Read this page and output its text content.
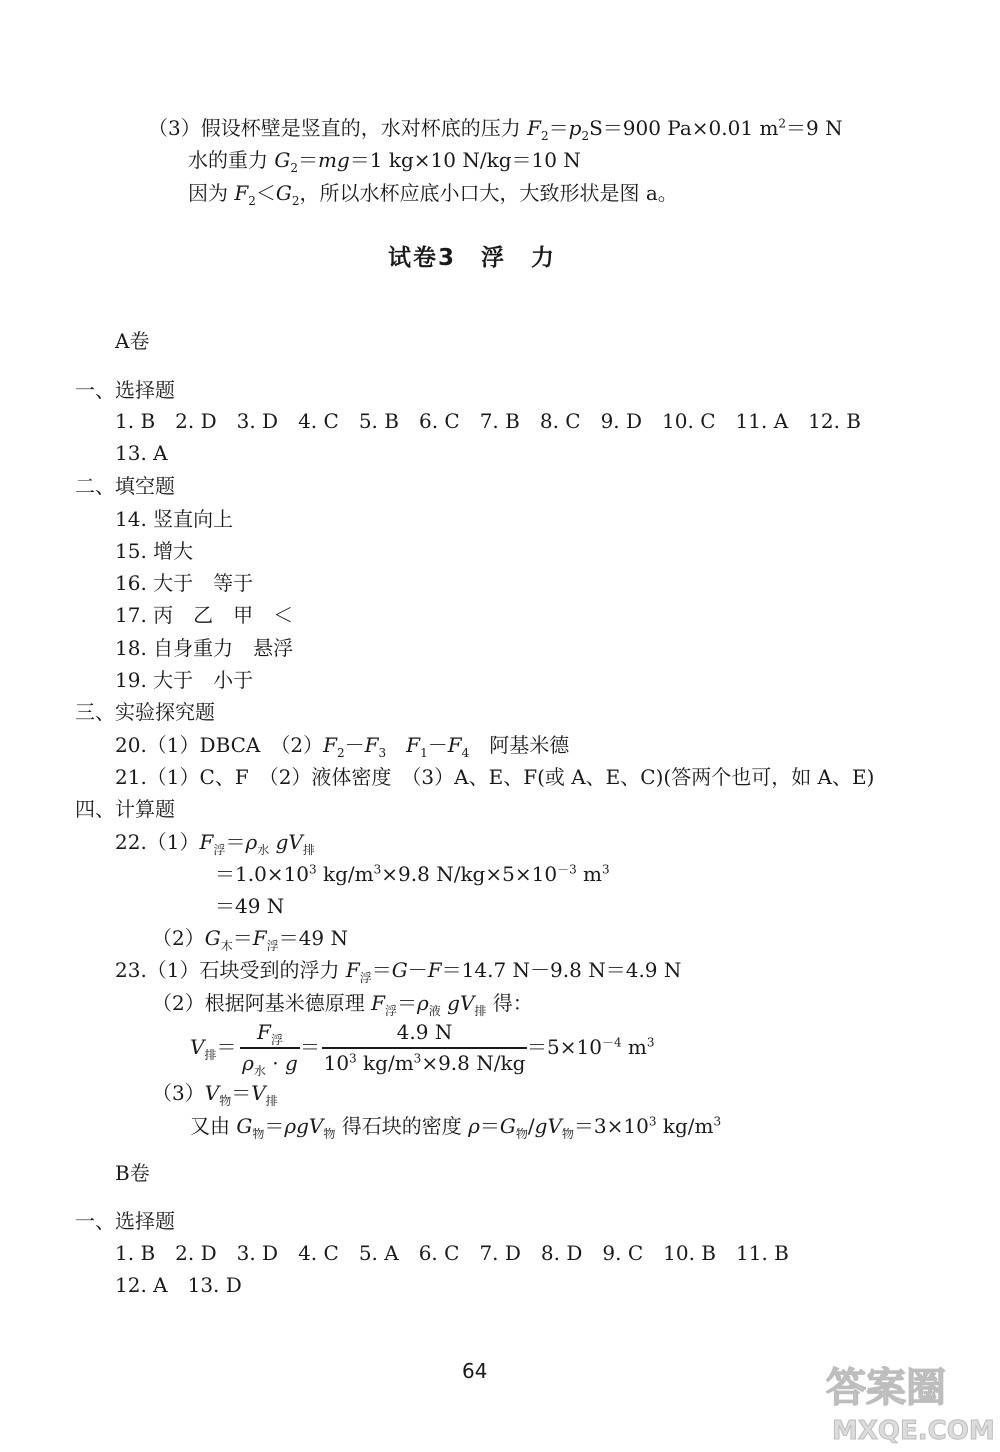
（3）假设杯壁是竖直的，水对杯底的压力 $F_2=p_2S=900$ Pa×0.01 $m^2=9$ N
水的重力 $G_2=mg=1$ kg×10 N/kg＝10 N
因为 $F_2<G_2$，所以水杯应底小口大，大致形状是图 a。
试卷3　浮　力
A卷
一、选择题
1. B　2. D　3. D　4. C　5. B　6. C　7. B　8. C　9. D　10. C　11. A　12. B
13. A
二、填空题
14. 竖直向上
15. 增大
16. 大于　等于
17. 丙　乙　甲　＜
18. 自身重力　悬浮
19. 大于　小于
三、实验探究题
20.（1）DBCA　$(2)F_2-F_3$　 $F_1-F_4$　阿基米德
21.（1）C、F　（2）液体密度　（3）A、E、F(或 A、E、C)(答两个也可，如 A、E)
四、计算题
$22.(1)F_浮=\rho_水$ $gV_排$
$=1.0\times 10^3$ $kg/m^3\times 9.8$ $N/kg\times 5\times 10^{-3}$ $m^3$
＝49 N
$(2)G_木=F_浮=49$ N
23.（1）石块受到的浮力 $F_浮=G-F=14.7$ N－9.8 N＝4.9 N
（2）根据阿基米德原理 $F_浮=\rho_液$ $gV_排$ 得：
$V_排=$
$F_浮$
$\rho_水 \cdot g$
＝
4.9 N
$10^3$ $kg/m^3\times 9.8$ N/kg
$=5\times 10^{-4}$ $m^3$
$(3)V_物=V_排$
又由 $G_物=\rho gV_物$ 得石块的密度 $\rho=G_物/gV_物=3\times 10^3$ $kg/m^3$
B卷
一、选择题
1. B　2. D　3. D　4. C　5. A　6. C　7. D　8. D　9. C　10. B　11. B
12. A　13. D
64	答案圈
MXQE.COM
